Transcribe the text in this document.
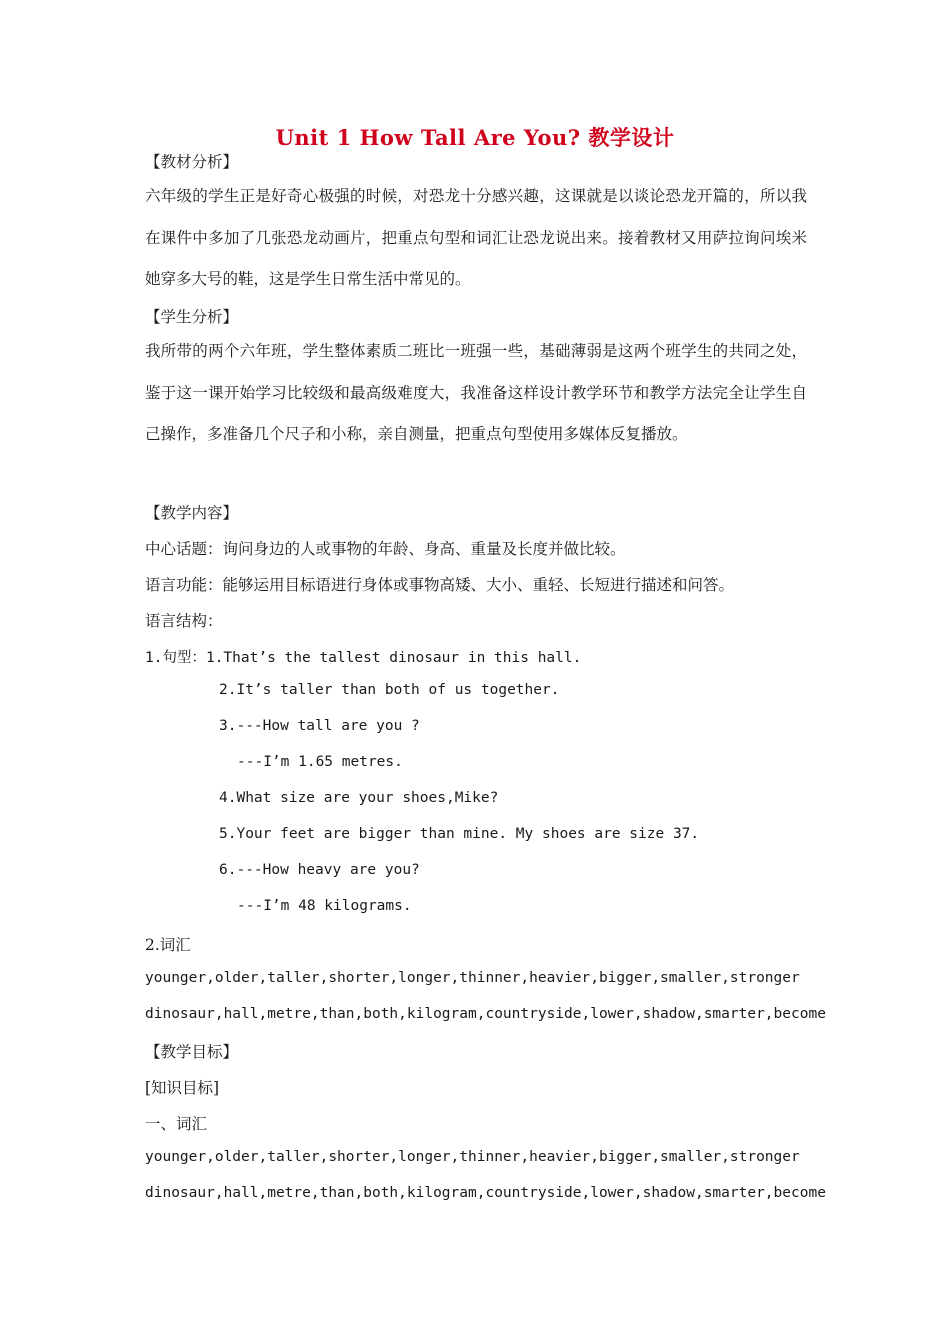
Unit 1 How Tall Are You? 教学设计
【教材分析】
六年级的学生正是好奇心极强的时候，对恐龙十分感兴趣，这课就是以谈论恐龙开篇的，所以我在课件中多加了几张恐龙动画片，把重点句型和词汇让恐龙说出来。接着教材又用萨拉询问埃米她穿多大号的鞋，这是学生日常生活中常见的。
【学生分析】
我所带的两个六年班，学生整体素质二班比一班强一些，基础薄弱是这两个班学生的共同之处，鉴于这一课开始学习比较级和最高级难度大，我准备这样设计教学环节和教学方法完全让学生自己操作，多准备几个尺子和小称，亲自测量，把重点句型使用多媒体反复播放。
【教学内容】
中心话题：询问身边的人或事物的年龄、身高、重量及长度并做比较。
语言功能：能够运用目标语进行身体或事物高矮、大小、重轻、长短进行描述和问答。
语言结构：
1.句型：1.That’s the tallest dinosaur in this hall.
2.It’s taller than both of us together.
3.---How tall are you ?
---I’m 1.65 metres.
4.What size are your shoes,Mike?
5.Your feet are bigger than mine. My shoes are size 37.
6.---How heavy are you?
---I’m 48 kilograms.
2.词汇
younger,older,taller,shorter,longer,thinner,heavier,bigger,smaller,stronger
dinosaur,hall,metre,than,both,kilogram,countryside,lower,shadow,smarter,become
【教学目标】
[知识目标]
一、词汇
younger,older,taller,shorter,longer,thinner,heavier,bigger,smaller,stronger
dinosaur,hall,metre,than,both,kilogram,countryside,lower,shadow,smarter,become
